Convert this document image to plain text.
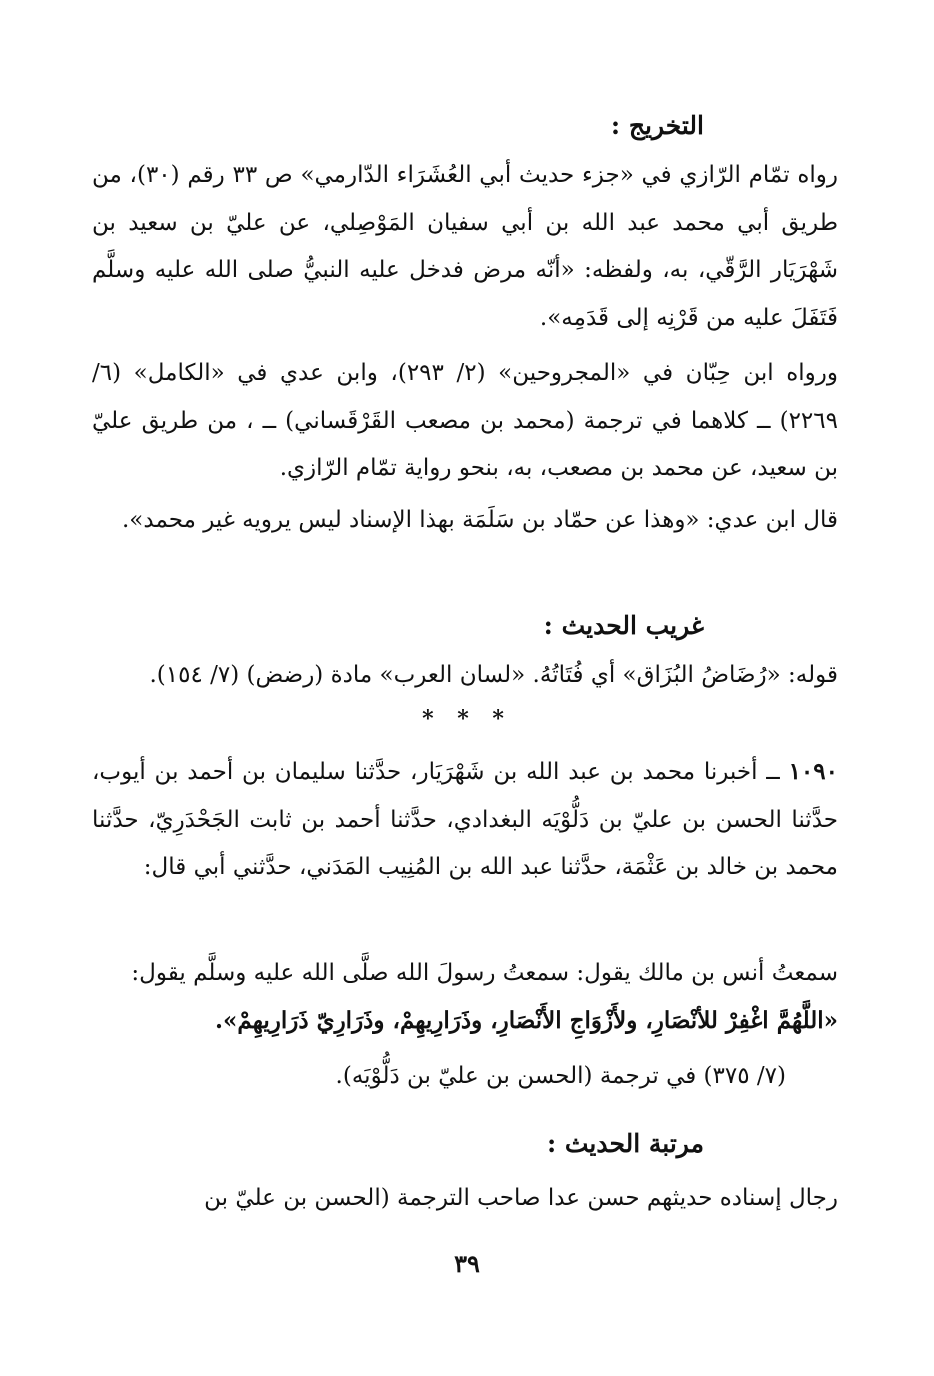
التخريج :

رواه تمّام الرّازي في «جزء حديث أبي العُشَرَاء الدّارمي» ص ٣٣ رقم (٣٠)، من طريق أبي محمد عبد الله بن أبي سفيان المَوْصِلي، عن عليّ بن سعيد بن شَهْرَيَار الرَّقّي، به، ولفظه: «أنّه مرض فدخل عليه النبيُّ صلى الله عليه وسلَّم فَتَفَلَ عليه من قَرْنِه إلى قَدَمِه».

ورواه ابن حِبّان في «المجروحين» (٢/ ٢٩٣)، وابن عدي في «الكامل» (٦/ ٢٢٦٩) ــ كلاهما في ترجمة (محمد بن مصعب القَرْقَساني) ــ ، من طريق عليّ بن سعيد، عن محمد بن مصعب، به، بنحو رواية تمّام الرّازي.

قال ابن عدي: «وهذا عن حمّاد بن سَلَمَة بهذا الإسناد ليس يرويه غير محمد».

غريب الحديث :

قوله: «رُضَاضُ البُزَاق» أي فُتَاتُهُ. «لسان العرب» مادة (رضض) (٧/ ١٥٤).

* * *

١٠٩٠ ــ أخبرنا محمد بن عبد الله بن شَهْرَيَار، حدَّثنا سليمان بن أحمد بن أيوب، حدَّثنا الحسن بن عليّ بن دَلُّوْيَه البغدادي، حدَّثنا أحمد بن ثابت الجَحْدَرِيّ، حدَّثنا محمد بن خالد بن عَثْمَة، حدَّثنا عبد الله بن المُنِيب المَدَني، حدَّثني أبي قال:

سمعتُ أنس بن مالك يقول: سمعتُ رسولَ الله صلَّى الله عليه وسلَّم يقول:

«اللَّهُمَّ اغْفِرْ للأنْصَارِ، ولأَزْوَاجِ الأَنْصَارِ، وذَرَارِيهِمْ، وذَرَارِيّ ذَرَارِيهِمْ».

(٧/ ٣٧٥) في ترجمة (الحسن بن عليّ بن دَلُّوْيَه).

مرتبة الحديث :

رجال إسناده حديثهم حسن عدا صاحب الترجمة (الحسن بن عليّ بن

٣٩
